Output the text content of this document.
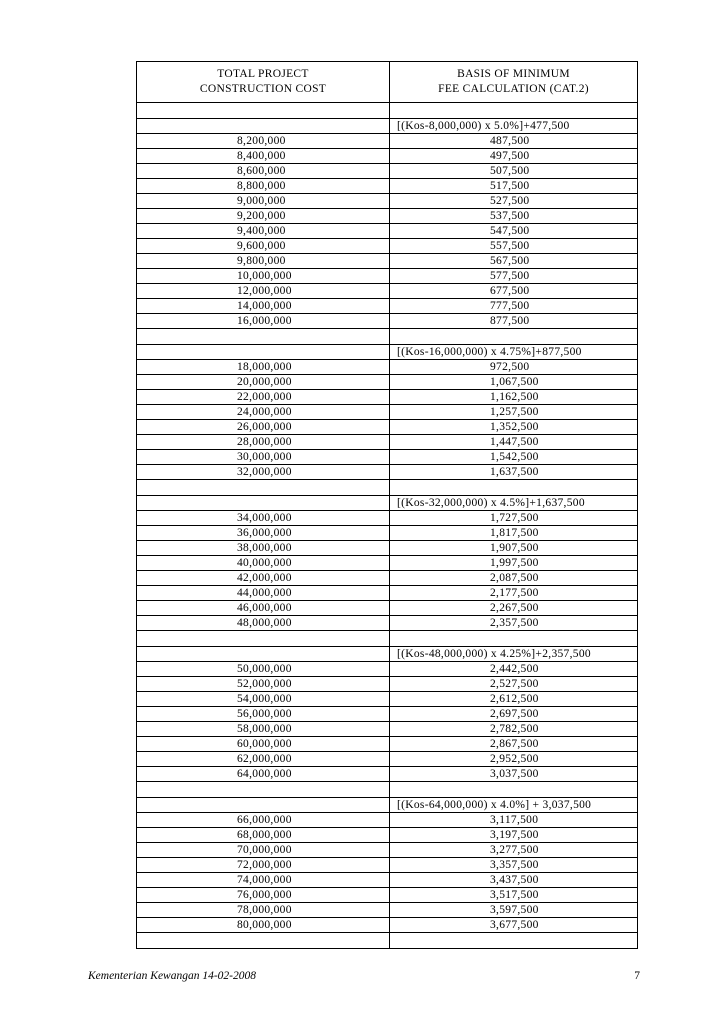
TOTAL PROJECT
CONSTRUCTION COST	BASIS OF MINIMUM
FEE CALCULATION (CAT.2)

	[(Kos-8,000,000) x 5.0%]+477,500
8,200,000	487,500
8,400,000	497,500
8,600,000	507,500
8,800,000	517,500
9,000,000	527,500
9,200,000	537,500
9,400,000	547,500
9,600,000	557,500
9,800,000	567,500
10,000,000	577,500
12,000,000	677,500
14,000,000	777,500
16,000,000	877,500

	[(Kos-16,000,000) x 4.75%]+877,500
18,000,000	972,500
20,000,000	1,067,500
22,000,000	1,162,500
24,000,000	1,257,500
26,000,000	1,352,500
28,000,000	1,447,500
30,000,000	1,542,500
32,000,000	1,637,500

	[(Kos-32,000,000) x 4.5%]+1,637,500
34,000,000	1,727,500
36,000,000	1,817,500
38,000,000	1,907,500
40,000,000	1,997,500
42,000,000	2,087,500
44,000,000	2,177,500
46,000,000	2,267,500
48,000,000	2,357,500

	[(Kos-48,000,000) x 4.25%]+2,357,500
50,000,000	2,442,500
52,000,000	2,527,500
54,000,000	2,612,500
56,000,000	2,697,500
58,000,000	2,782,500
60,000,000	2,867,500
62,000,000	2,952,500
64,000,000	3,037,500

	[(Kos-64,000,000) x 4.0%] + 3,037,500
66,000,000	3,117,500
68,000,000	3,197,500
70,000,000	3,277,500
72,000,000	3,357,500
74,000,000	3,437,500
76,000,000	3,517,500
78,000,000	3,597,500
80,000,000	3,677,500

Kementerian Kewangan 14-02-2008	7
